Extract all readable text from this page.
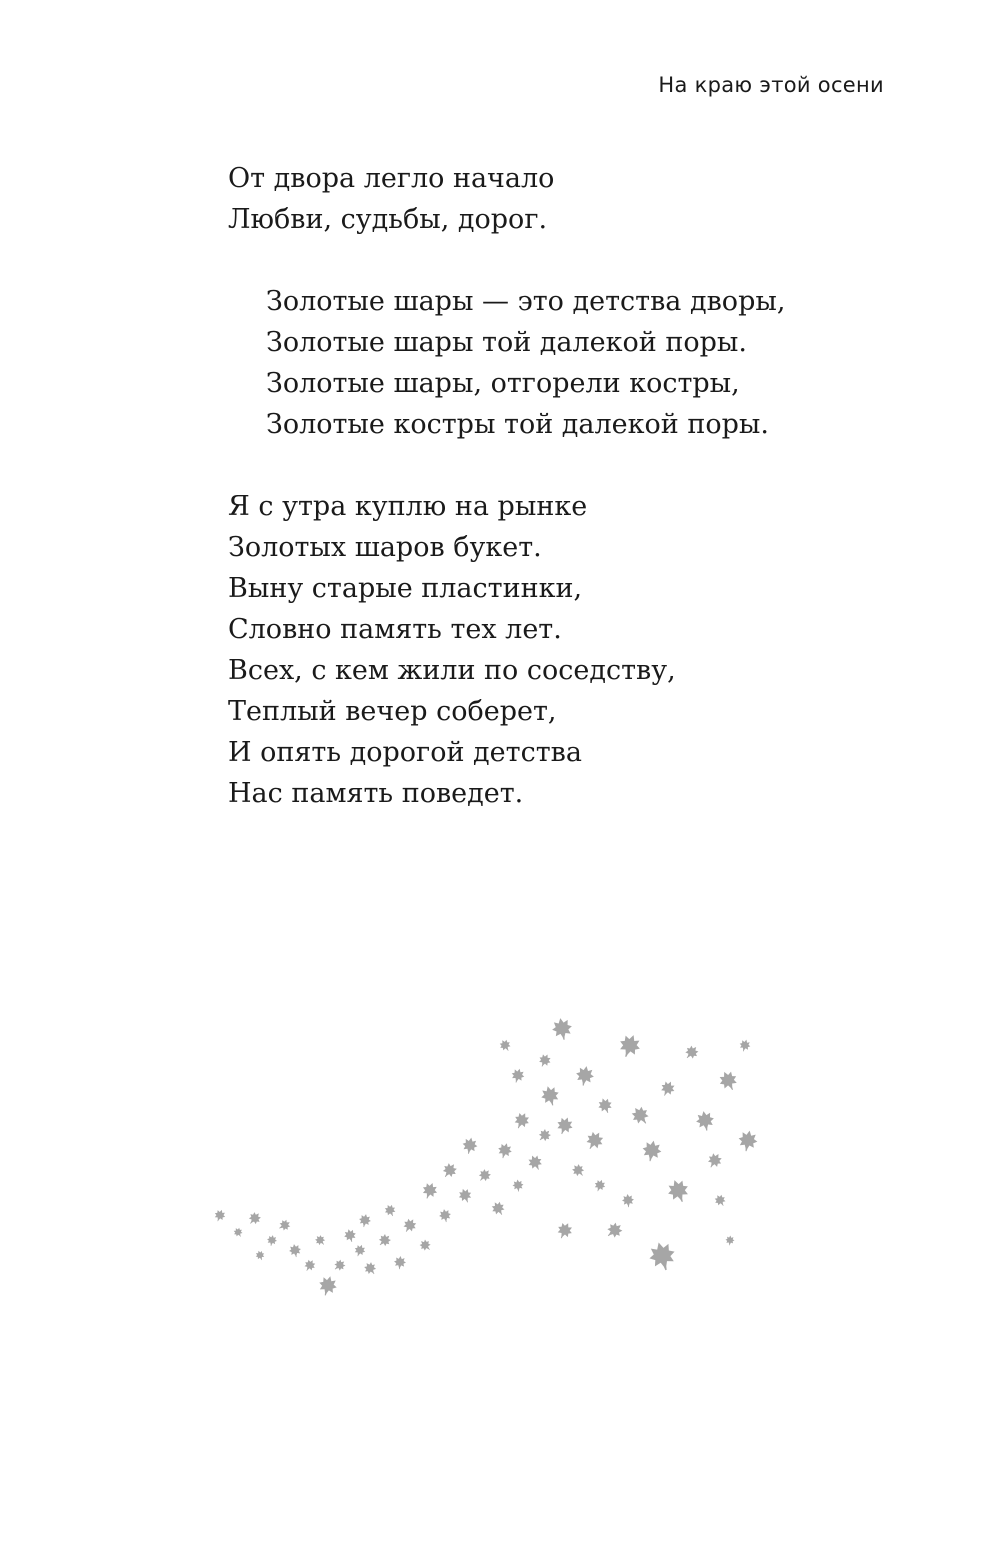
На краю этой осени
От двора легло начало
Любви, судьбы, дорог.
Золотые шары — это детства дворы,
Золотые шары той далекой поры.
Золотые шары, отгорели костры,
Золотые костры той далекой поры.
Я с утра куплю на рынке
Золотых шаров букет.
Выну старые пластинки,
Словно память тех лет.
Всех, с кем жили по соседству,
Теплый вечер соберет,
И опять дорогой детства
Нас память поведет.
